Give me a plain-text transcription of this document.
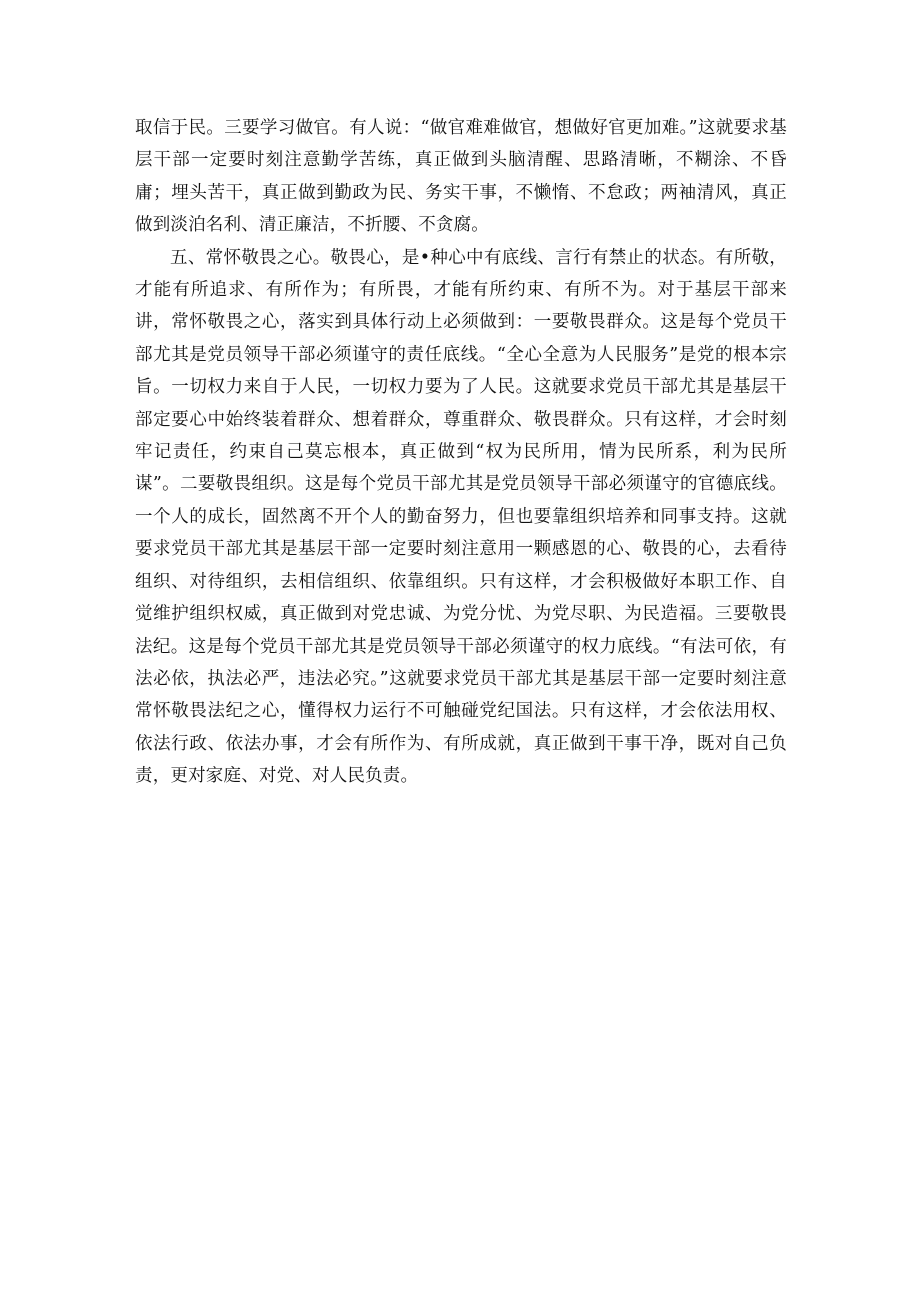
取信于民。三要学习做官。有人说：“做官难难做官，想做好官更加难。”这就要求基层干部一定要时刻注意勤学苦练，真正做到头脑清醒、思路清晰，不糊涂、不昏庸；埋头苦干，真正做到勤政为民、务实干事，不懒惰、不怠政；两袖清风，真正做到淡泊名利、清正廉洁，不折腰、不贪腐。

五、常怀敬畏之心。敬畏心，是•种心中有底线、言行有禁止的状态。有所敬，才能有所追求、有所作为；有所畏，才能有所约束、有所不为。对于基层干部来讲，常怀敬畏之心，落实到具体行动上必须做到：一要敬畏群众。这是每个党员干部尤其是党员领导干部必须谨守的责任底线。“全心全意为人民服务”是党的根本宗旨。一切权力来自于人民，一切权力要为了人民。这就要求党员干部尤其是基层干部定要心中始终装着群众、想着群众，尊重群众、敬畏群众。只有这样，才会时刻牢记责任，约束自己莫忘根本，真正做到“权为民所用，情为民所系，利为民所谋”。二要敬畏组织。这是每个党员干部尤其是党员领导干部必须谨守的官德底线。一个人的成长，固然离不开个人的勤奋努力，但也要靠组织培养和同事支持。这就要求党员干部尤其是基层干部一定要时刻注意用一颗感恩的心、敬畏的心，去看待组织、对待组织，去相信组织、依靠组织。只有这样，才会积极做好本职工作、自觉维护组织权威，真正做到对党忠诚、为党分忧、为党尽职、为民造福。三要敬畏法纪。这是每个党员干部尤其是党员领导干部必须谨守的权力底线。“有法可依，有法必依，执法必严，违法必究。”这就要求党员干部尤其是基层干部一定要时刻注意常怀敬畏法纪之心，懂得权力运行不可触碰党纪国法。只有这样，才会依法用权、依法行政、依法办事，才会有所作为、有所成就，真正做到干事干净，既对自己负责，更对家庭、对党、对人民负责。
